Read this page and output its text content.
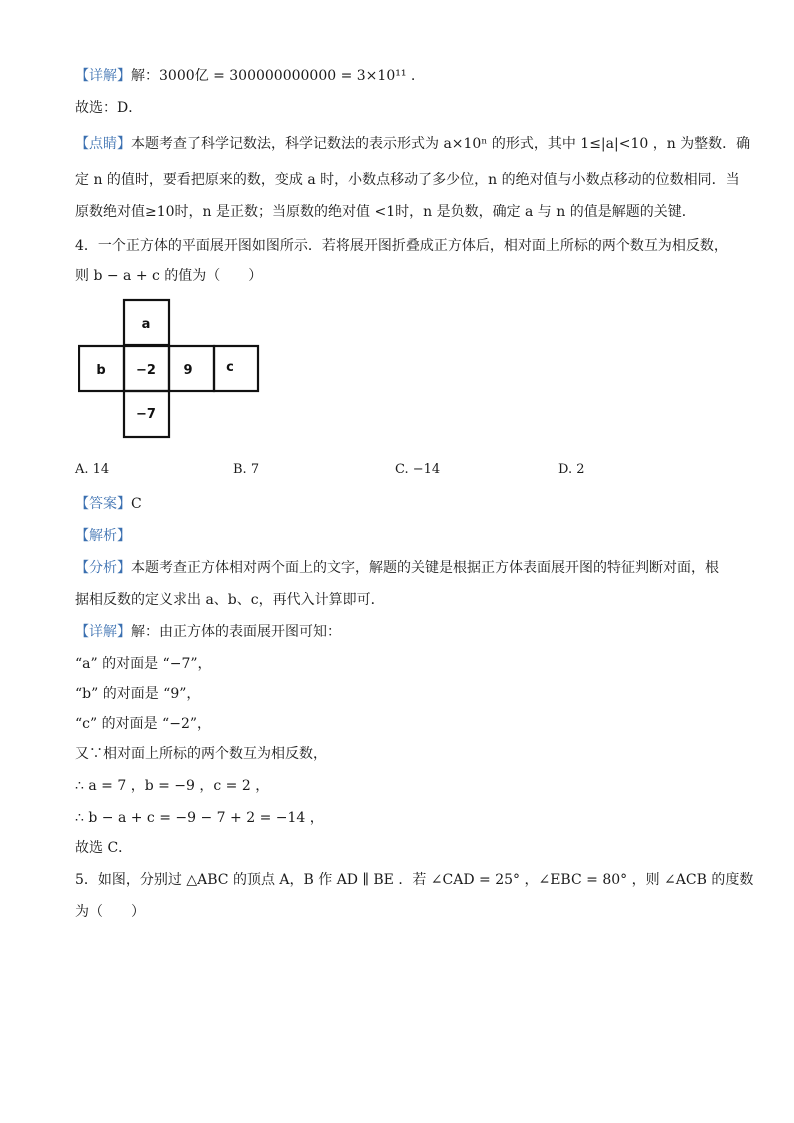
【详解】解：3000亿 = 300000000000 = 3×10¹¹ .
故选：D．
【点睛】本题考查了科学记数法，科学记数法的表示形式为 a×10ⁿ 的形式，其中 1≤|a|<10 ，n 为整数．确
定 n 的值时，要看把原来的数，变成 a 时，小数点移动了多少位，n 的绝对值与小数点移动的位数相同．当
原数绝对值≥10时，n 是正数；当原数的绝对值 <1时，n 是负数，确定 a 与 n 的值是解题的关键．
4．一个正方体的平面展开图如图所示．若将展开图折叠成正方体后，相对面上所标的两个数互为相反数，
则 b − a + c 的值为（　　）
a
b −2 9	c
−7
A. 14	B. 7	C. −14	D. 2
【答案】C
【解析】
【分析】本题考查正方体相对两个面上的文字，解题的关键是根据正方体表面展开图的特征判断对面，根
据相反数的定义求出 a、b、c，再代入计算即可．
【详解】解：由正方体的表面展开图可知：
“a” 的对面是 “−7”，
“b” 的对面是 “9”，
“c” 的对面是 “−2”，
又∵相对面上所标的两个数互为相反数，
∴ a = 7 ，b = −9 ，c = 2 ，
∴ b − a + c = −9 − 7 + 2 = −14 ，
故选 C．
5．如图，分别过 △ABC 的顶点 A，B 作 AD ∥ BE ．若 ∠CAD = 25° ，∠EBC = 80° ，则 ∠ACB 的度数
为（　　）
